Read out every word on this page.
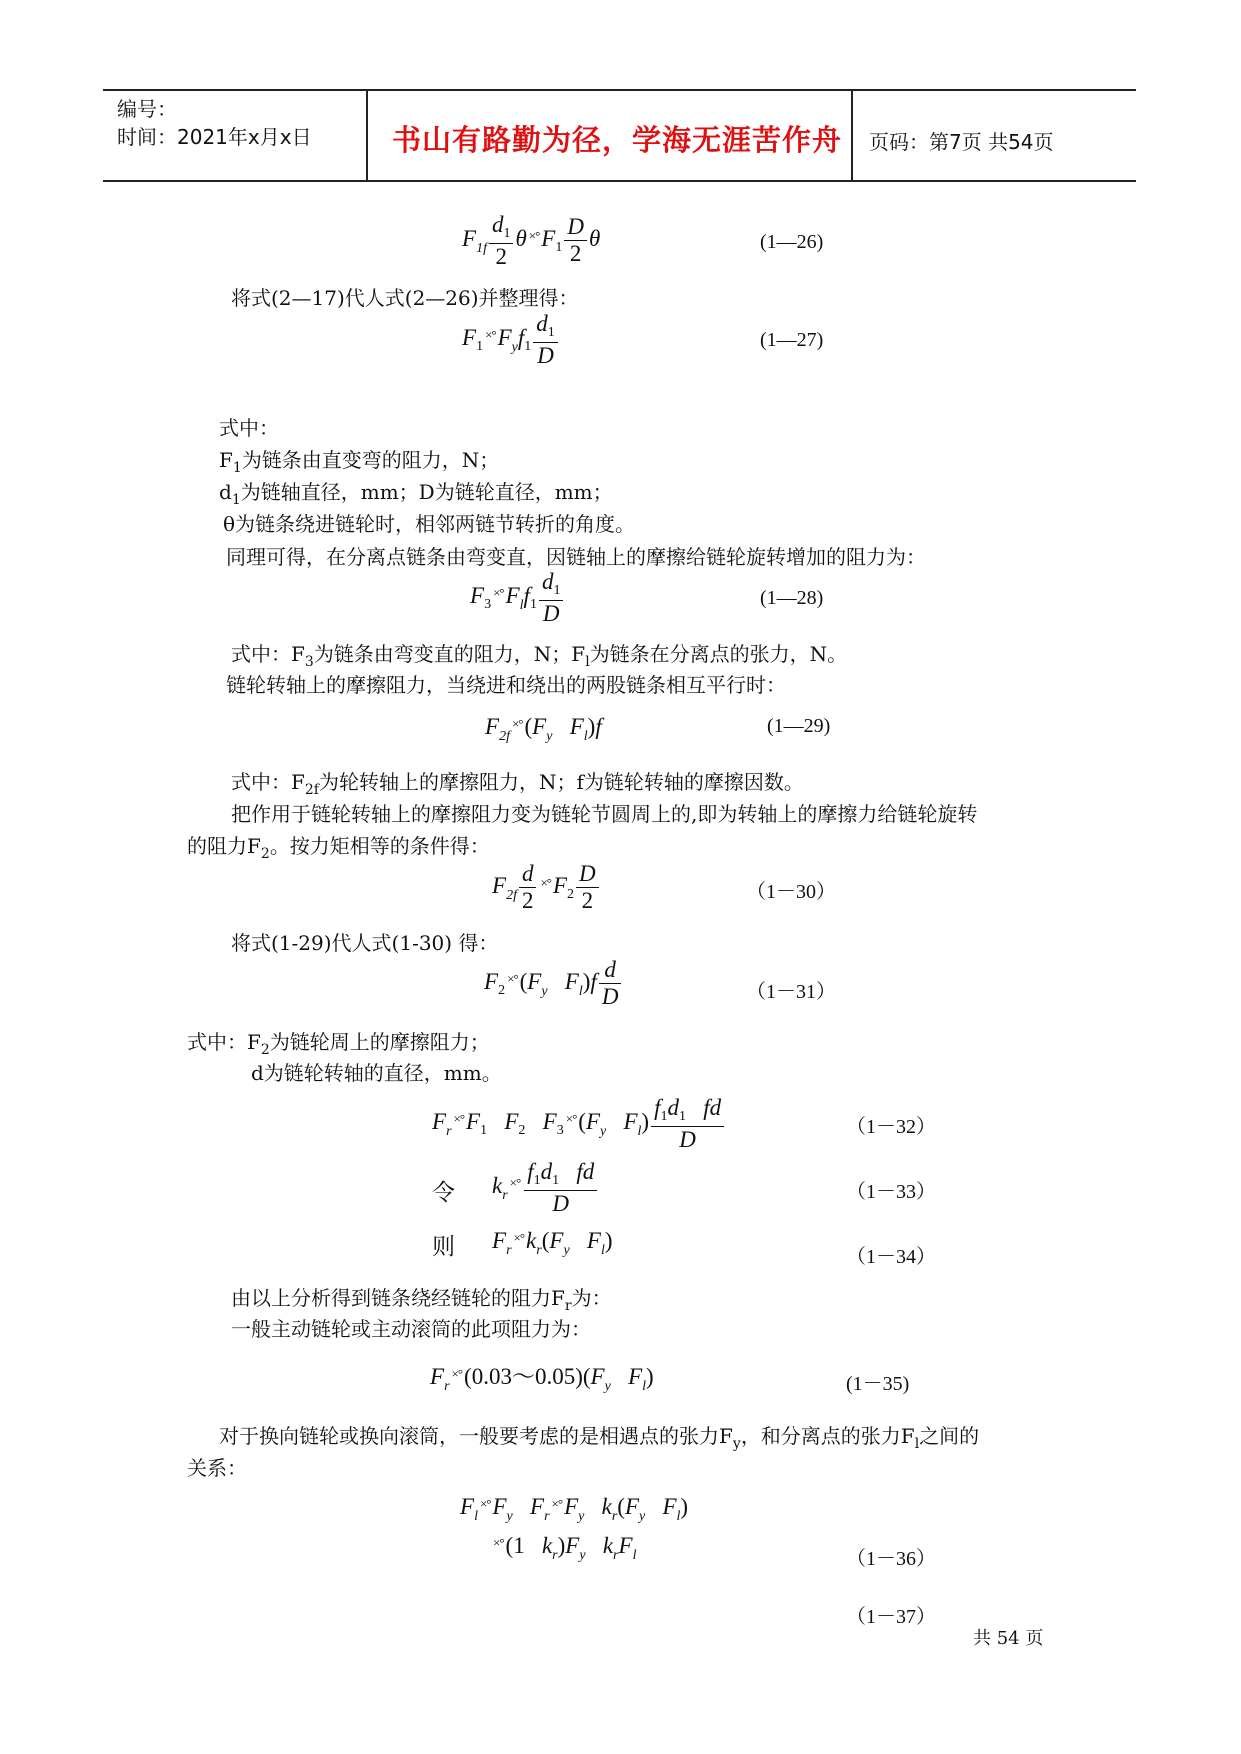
编号：
时间：2021年x月x日	书山有路勤为径，学海无涯苦作舟 页码：第7页 共54页
$F_{1f} \frac{d_1}{2}$ θ $^{\times^\circ}F_1 \frac{D}{2}$ θ	(1—26)
将式(2—17)代人式(2—26)并整理得：
$F_1^{\times^\circ}F_yf_1 \frac{d_1}{D}$	(1—27)
式中：
$F_1$为链条由直变弯的阻力，N；
$d_1$为链轴直径，mm；D为链轮直径，mm；
θ为链条绕进链轮时，相邻两链节转折的角度。
同理可得，在分离点链条由弯变直，因链轴上的摩擦给链轮旋转增加的阻力为：
$F_3^{\times^\circ}F_lf_1 \frac{d_1}{D}$	(1—28)
式中：$F_3$为链条由弯变直的阻力，N；$F_l$为链条在分离点的张力，N。
链轮转轴上的摩擦阻力，当绕进和绕出的两股链条相互平行时：
$F_{2f}^{\times^\circ}(F_y$   $F_l)f$	(1—29)
式中：$F_{2f}$为轮转轴上的摩擦阻力，N；f为链轮转轴的摩擦因数。
把作用于链轮转轴上的摩擦阻力变为链轮节圆周上的,即为转轴上的摩擦力给链轮旋转
的阻力$F_2$。按力矩相等的条件得：
$F_{2f} \frac{d}{2} ^{\times^\circ}F_2 \frac{D}{2}$	（1－30）
将式(1-29)代人式(1-30) 得：
$F_2^{\times^\circ}(F_y$   $F_l)f \frac{d}{D}$	（1－31）
式中：$F_2$为链轮周上的摩擦阻力；
d为链轮转轴的直径，mm。
$F_r^{\times^\circ}F_1$   $F_2$   $F_3^{\times^\circ}(F_y$   $F_l) \frac{f_1d_1 fd}{D}$	（1－32）
令 $k_r^{\times^\circ} \frac{f_1d_1 fd}{D}$	（1－33）
则 $F_r^{\times^\circ}k_r(F_y$   $F_l$)
（1－34）
由以上分析得到链条绕经链轮的阻力$F_r$为：
一般主动链轮或主动滚筒的此项阻力为：
$F_r^{\times^\circ}(0.03\sim 0.05)(F_y$   $F_l$)	(1－35)
对于换向链轮或换向滚筒，一般要考虑的是相遇点的张力$F_y$，和分离点的张力$F_l$之间的
关系：
$F_l^{\times^\circ}F_y$   $F_r^{\times^\circ}F_y$   $k_r(F_y$   $F_l$)
×°(1   $k_r)F_y$   $k_rF_l$	（1－36）
（1－37）
共 54 页
